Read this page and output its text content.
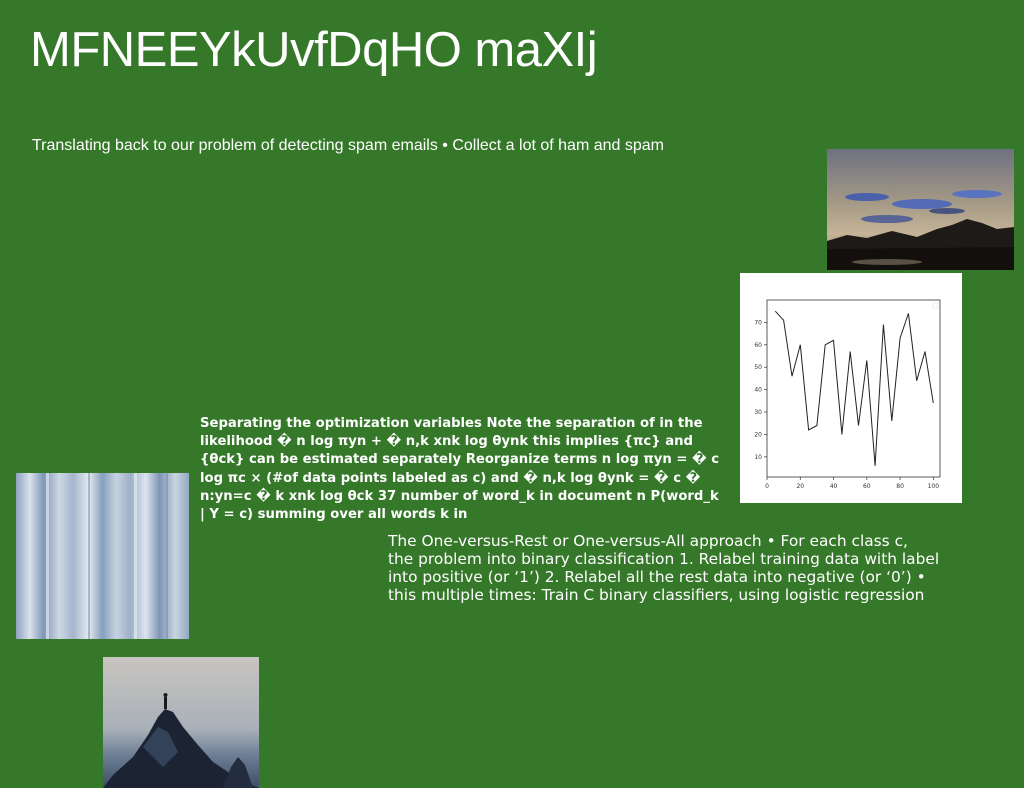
MFNEEYkUvfDqHO maXIj
Translating back to our problem of detecting spam emails • Collect a lot of ham and spam
0	20	40	60	80	100
10
20
30
40
50
60
70
Separating the optimization variables Note the separation of in the likelihood � n log πyn + � n,k xnk log θynk this implies {πc} and {θck} can be estimated separately Reorganize terms n log πyn = � c log πc × (#of data points labeled as c) and � n,k log θynk = � c � n:yn=c � k xnk log θck 37 number of word_k in document n P(word_k | Y = c) summing over all words k in
The One-versus-Rest or One-versus-All approach • For each class c,
the problem into binary classification 1. Relabel training data with label
into positive (or ‘1’) 2. Relabel all the rest data into negative (or ‘0’) •
this multiple times: Train C binary classifiers, using logistic regression
